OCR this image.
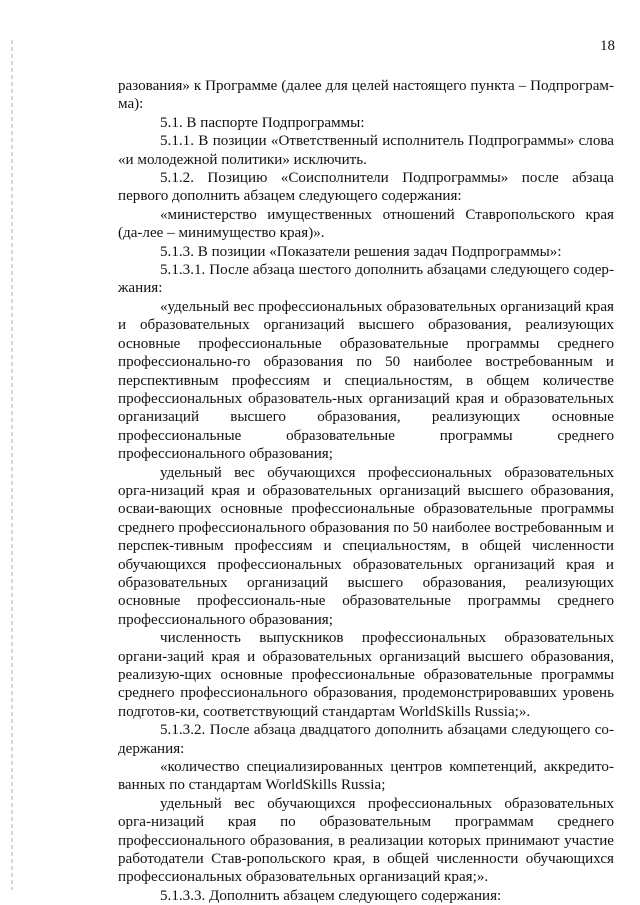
18

разования» к Программе (далее для целей настоящего пункта – Подпрограм-ма):

5.1. В паспорте Подпрограммы:

5.1.1. В позиции «Ответственный исполнитель Подпрограммы» слова «и молодежной политики» исключить.

5.1.2. Позицию «Соисполнители Подпрограммы» после абзаца первого дополнить абзацем следующего содержания:

«министерство имущественных отношений Ставропольского края (да-лее – минимущество края)».

5.1.3. В позиции «Показатели решения задач Подпрограммы»:

5.1.3.1. После абзаца шестого дополнить абзацами следующего содер-жания:

«удельный вес профессиональных образовательных организаций края и образовательных организаций высшего образования, реализующих основные профессиональные образовательные программы среднего профессионально-го образования по 50 наиболее востребованным и перспективным профессиям и специальностям, в общем количестве профессиональных образователь-ных организаций края и образовательных организаций высшего образования, реализующих основные профессиональные образовательные программы среднего профессионального образования;

удельный вес обучающихся профессиональных образовательных орга-низаций края и образовательных организаций высшего образования, осваи-вающих основные профессиональные образовательные программы среднего профессионального образования по 50 наиболее востребованным и перспек-тивным профессиям и специальностям, в общей численности обучающихся профессиональных образовательных организаций края и образовательных организаций высшего образования, реализующих основные профессиональ-ные образовательные программы среднего профессионального образования;

численность выпускников профессиональных образовательных органи-заций края и образовательных организаций высшего образования, реализую-щих основные профессиональные образовательные программы среднего профессионального образования, продемонстрировавших уровень подготов-ки, соответствующий стандартам WorldSkills Russia;».

5.1.3.2. После абзаца двадцатого дополнить абзацами следующего со-держания:

«количество специализированных центров компетенций, аккредито-ванных по стандартам WorldSkills Russia;

удельный вес обучающихся профессиональных образовательных орга-низаций края по образовательным программам среднего профессионального образования, в реализации которых принимают участие работодатели Став-ропольского края, в общей численности обучающихся профессиональных образовательных организаций края;».

5.1.3.3. Дополнить абзацем следующего содержания:
